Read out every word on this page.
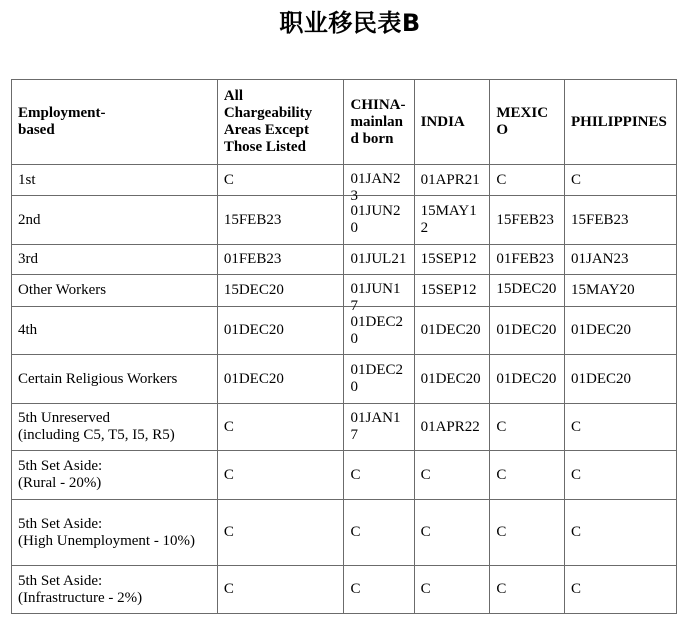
职业移民表B
Employment-
based	All
Chargeability
Areas Except
Those Listed	CHINA-
mainland born	INDIA	MEXICO	PHILIPPINES
1st	C	01JAN23	01APR21	C	C
2nd	15FEB23	01JUN20	15MAY12	15FEB23	15FEB23
3rd	01FEB23	01JUL21	15SEP12	01FEB23	01JAN23
Other Workers	15DEC20	01JUN17	15SEP12	15DEC20	15MAY20
4th	01DEC20	01DEC20	01DEC20	01DEC20	01DEC20
Certain Religious Workers	01DEC20	01DEC20	01DEC20	01DEC20	01DEC20
5th Unreserved
(including C5, T5, I5, R5)	C	01JAN17	01APR22	C	C
5th Set Aside:
(Rural - 20%)	C	C	C	C	C
5th Set Aside:
(High Unemployment - 10%)	C	C	C	C	C
5th Set Aside:
(Infrastructure - 2%)	C	C	C	C	C
